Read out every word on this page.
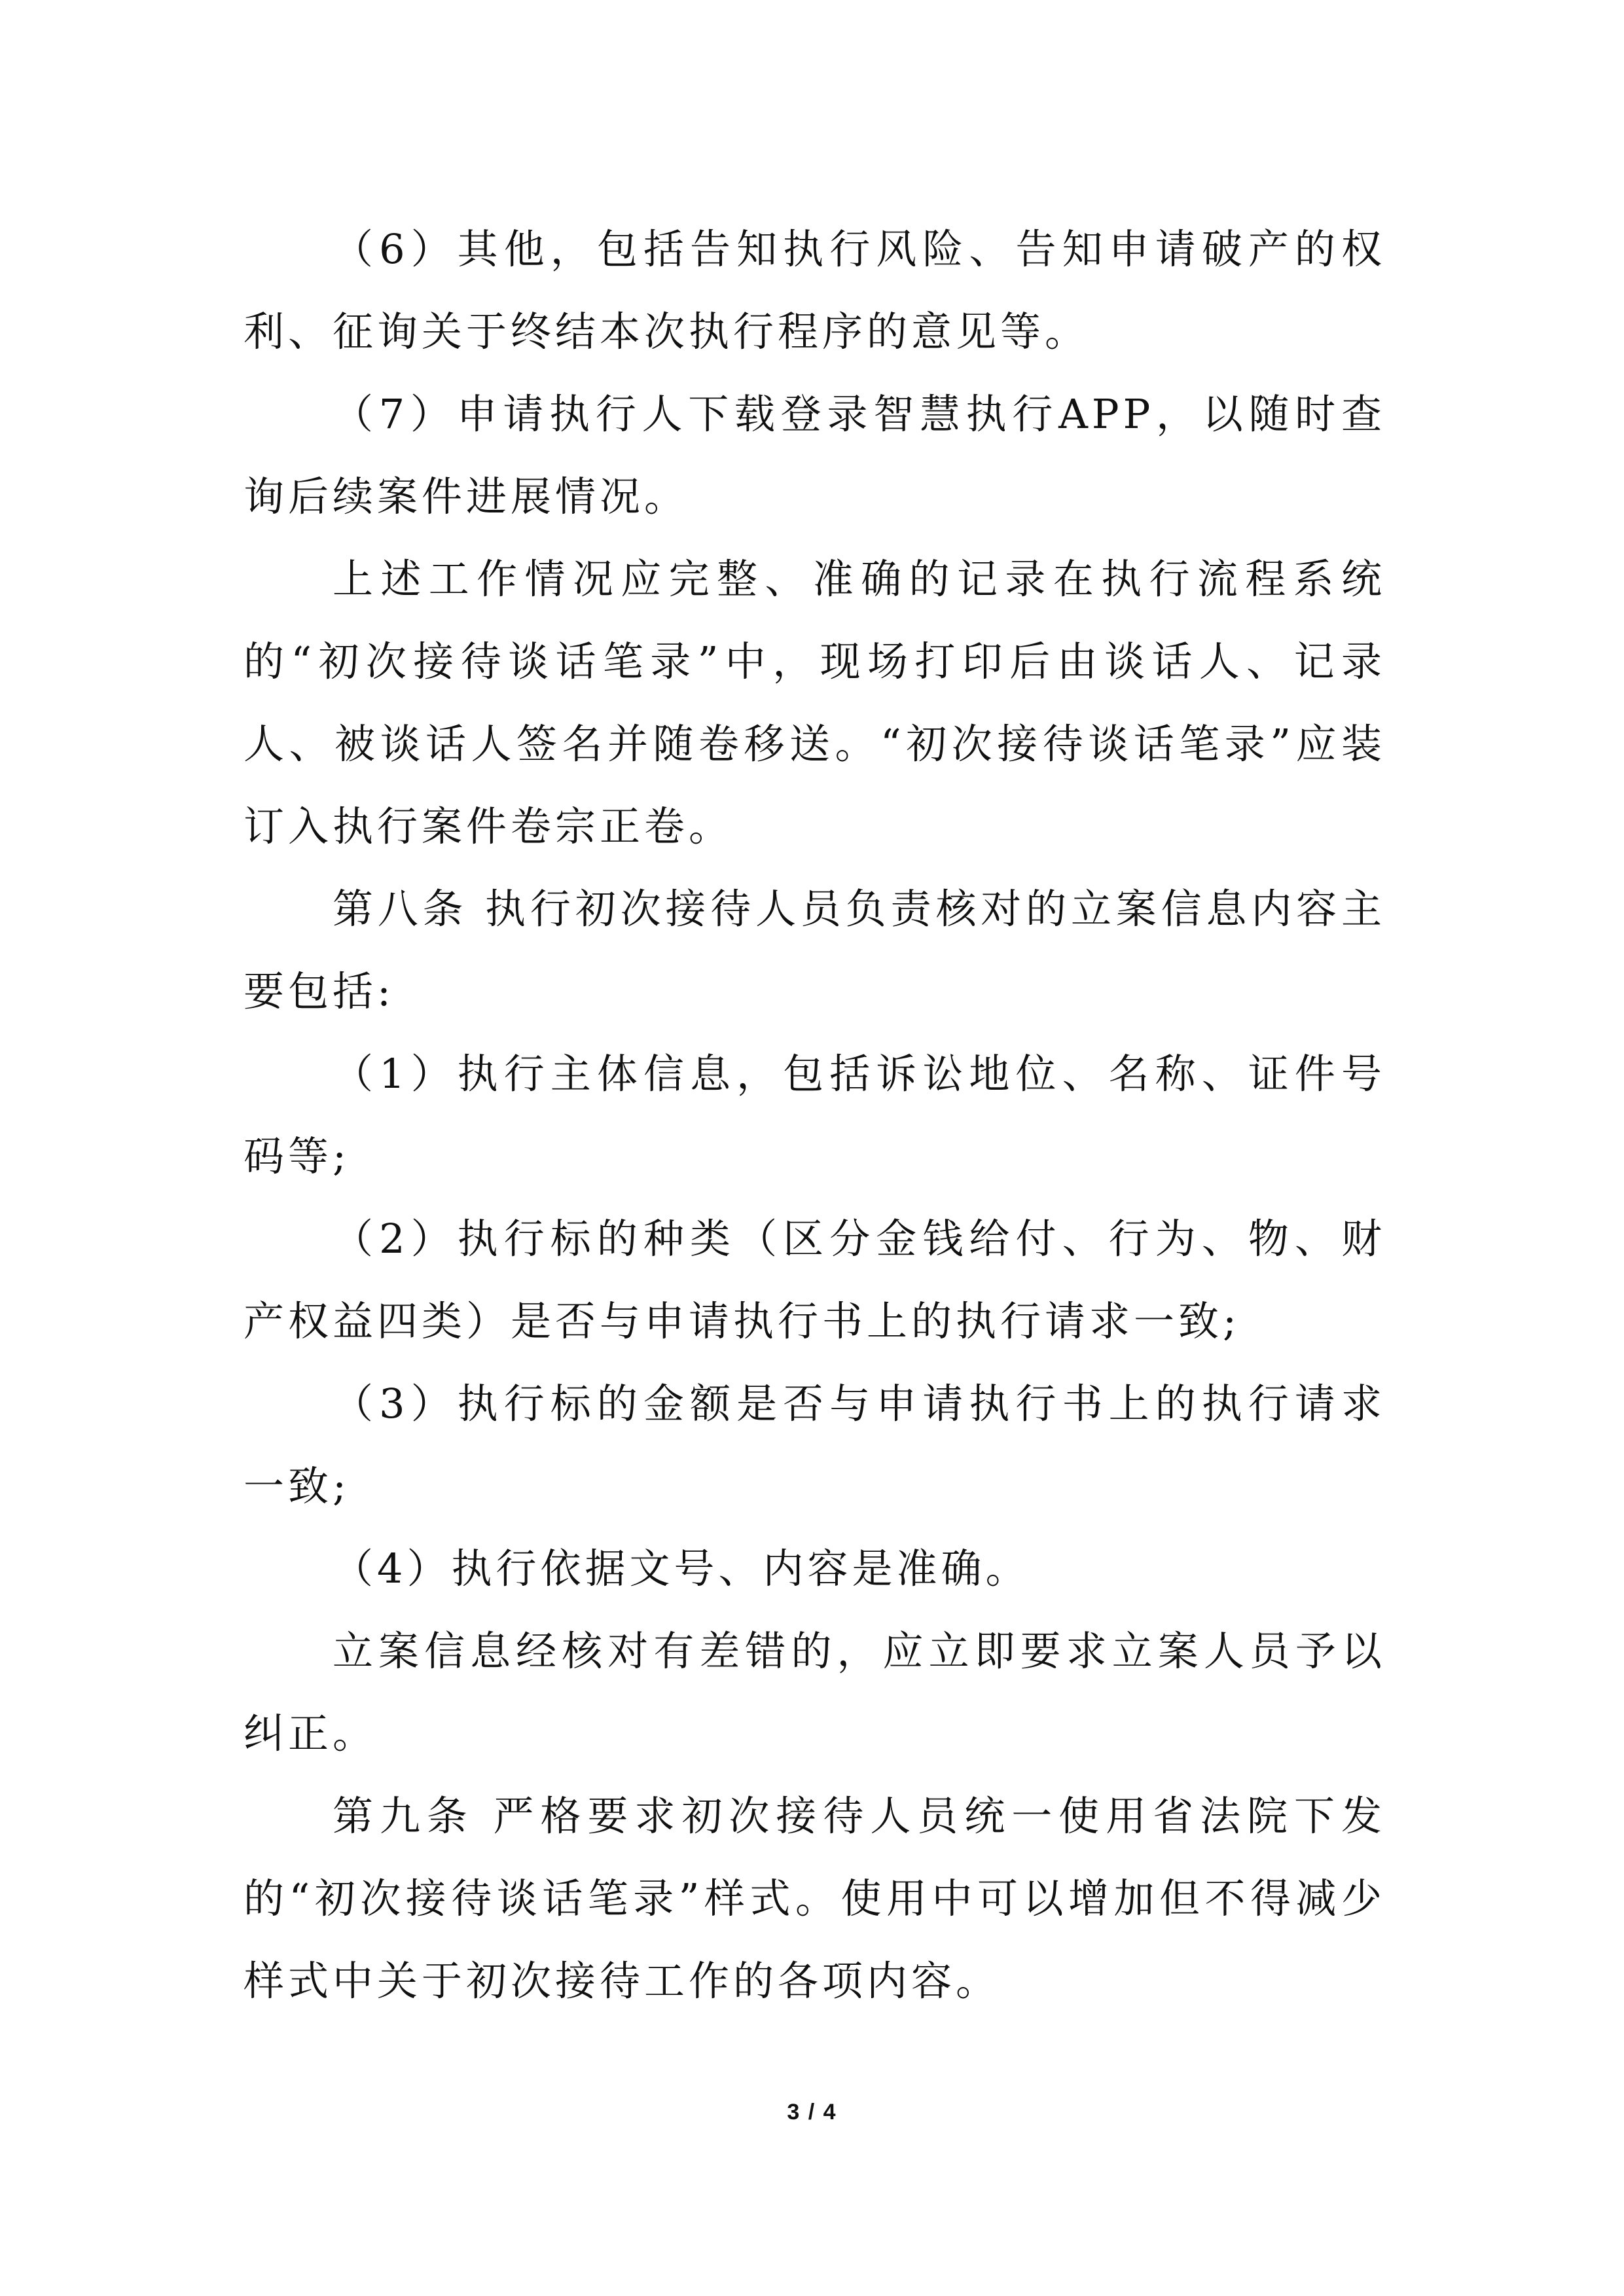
（6）其他，包括告知执行风险、告知申请破产的权利、征询关于终结本次执行程序的意见等。

（7）申请执行人下载登录智慧执行APP，以随时查询后续案件进展情况。

上述工作情况应完整、准确的记录在执行流程系统的“初次接待谈话笔录”中，现场打印后由谈话人、记录人、被谈话人签名并随卷移送。“初次接待谈话笔录”应装订入执行案件卷宗正卷。

第八条 执行初次接待人员负责核对的立案信息内容主要包括:

（1）执行主体信息，包括诉讼地位、名称、证件号码等;

（2）执行标的种类（区分金钱给付、行为、物、财产权益四类）是否与申请执行书上的执行请求一致;

（3）执行标的金额是否与申请执行书上的执行请求一致;

（4）执行依据文号、内容是准确。

立案信息经核对有差错的，应立即要求立案人员予以纠正。

第九条 严格要求初次接待人员统一使用省法院下发的“初次接待谈话笔录”样式。使用中可以增加但不得减少样式中关于初次接待工作的各项内容。

3 / 4
